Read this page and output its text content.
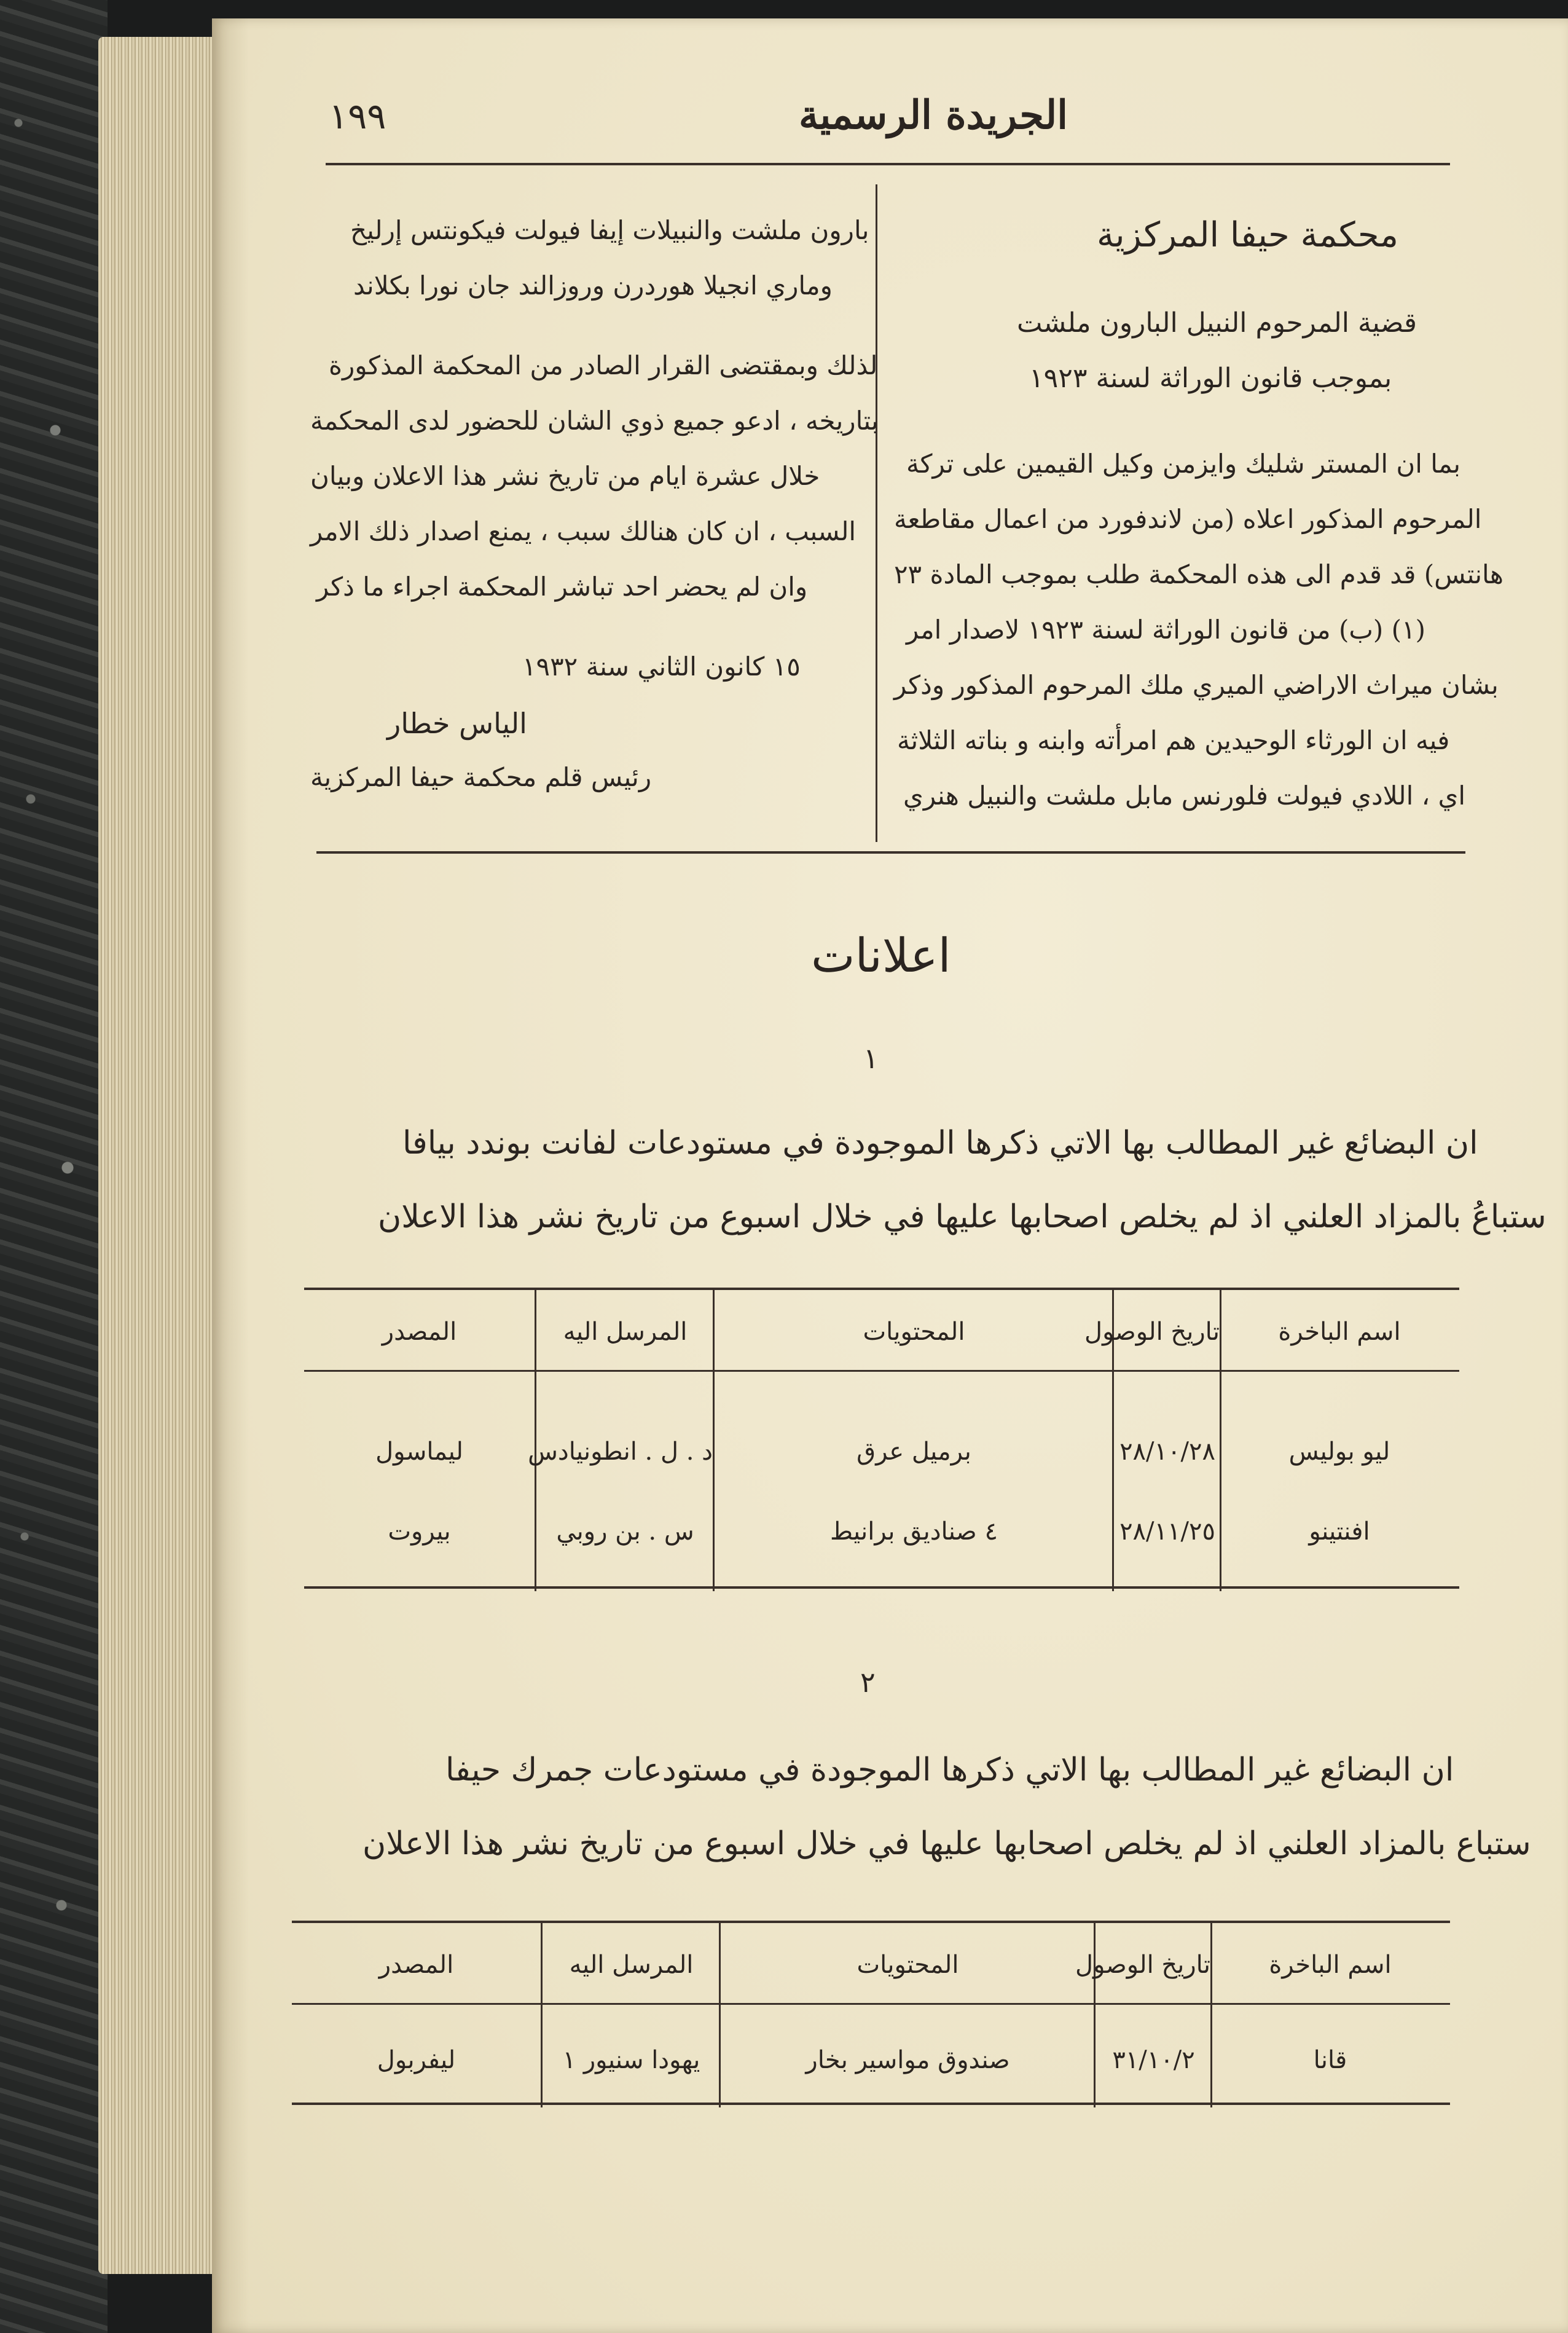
١٩٩	الجريدة الرسمية
محكمة حيفا المركزية
قضية المرحوم النبيل البارون ملشت
بموجب قانون الوراثة لسنة ١٩٢٣
بما ان المستر شليك وايزمن وكيل القيمين على تركة
المرحوم المذكور اعلاه (من لاندفورد من اعمال مقاطعة
هانتس) قد قدم الى هذه المحكمة طلب بموجب المادة ٢٣
(١) (ب) من قانون الوراثة لسنة ١٩٢٣ لاصدار امر
بشان ميراث الاراضي الميري ملك المرحوم المذكور وذكر
فيه ان الورثاء الوحيدين هم امرأته وابنه و بناته الثلاثة
اي ، اللادي فيولت فلورنس مابل ملشت والنبيل هنري
بارون ملشت والنبيلات إيفا فيولت فيكونتس إرليخ
وماري انجيلا هوردرن وروزالند جان نورا بكلاند
لذلك وبمقتضى القرار الصادر من المحكمة المذكورة
بتاريخه ، ادعو جميع ذوي الشان للحضور لدى المحكمة
خلال عشرة ايام من تاريخ نشر هذا الاعلان وبيان
السبب ، ان كان هنالك سبب ، يمنع اصدار ذلك الامر
وان لم يحضر احد تباشر المحكمة اجراء ما ذكر
١٥ كانون الثاني سنة ١٩٣٢
الياس خطار
رئيس قلم محكمة حيفا المركزية
اعلانات
١
ان البضائع غير المطالب بها الاتي ذكرها الموجودة في مستودعات لفانت بوندد بيافا
ستباعُ بالمزاد العلني اذ لم يخلص اصحابها عليها في خلال اسبوع من تاريخ نشر هذا الاعلان
اسم الباخرة
تاريخ الوصول
المحتويات
المرسل اليه
المصدر
ليو بوليس
٢٨/١٠/٢٨
برميل عرق
د . ل . انطونيادس
ليماسول
افنتينو
٢٨/١١/٢٥
٤ صناديق برانيط
س . بن روبي
بيروت
٢
ان البضائع غير المطالب بها الاتي ذكرها الموجودة في مستودعات جمرك حيفا
ستباع بالمزاد العلني اذ لم يخلص اصحابها عليها في خلال اسبوع من تاريخ نشر هذا الاعلان
اسم الباخرة
تاريخ الوصول
المحتويات
المرسل اليه
المصدر
قانا
٣١/١٠/٢
صندوق مواسير بخار
يهودا سنيور ١
ليفربول
